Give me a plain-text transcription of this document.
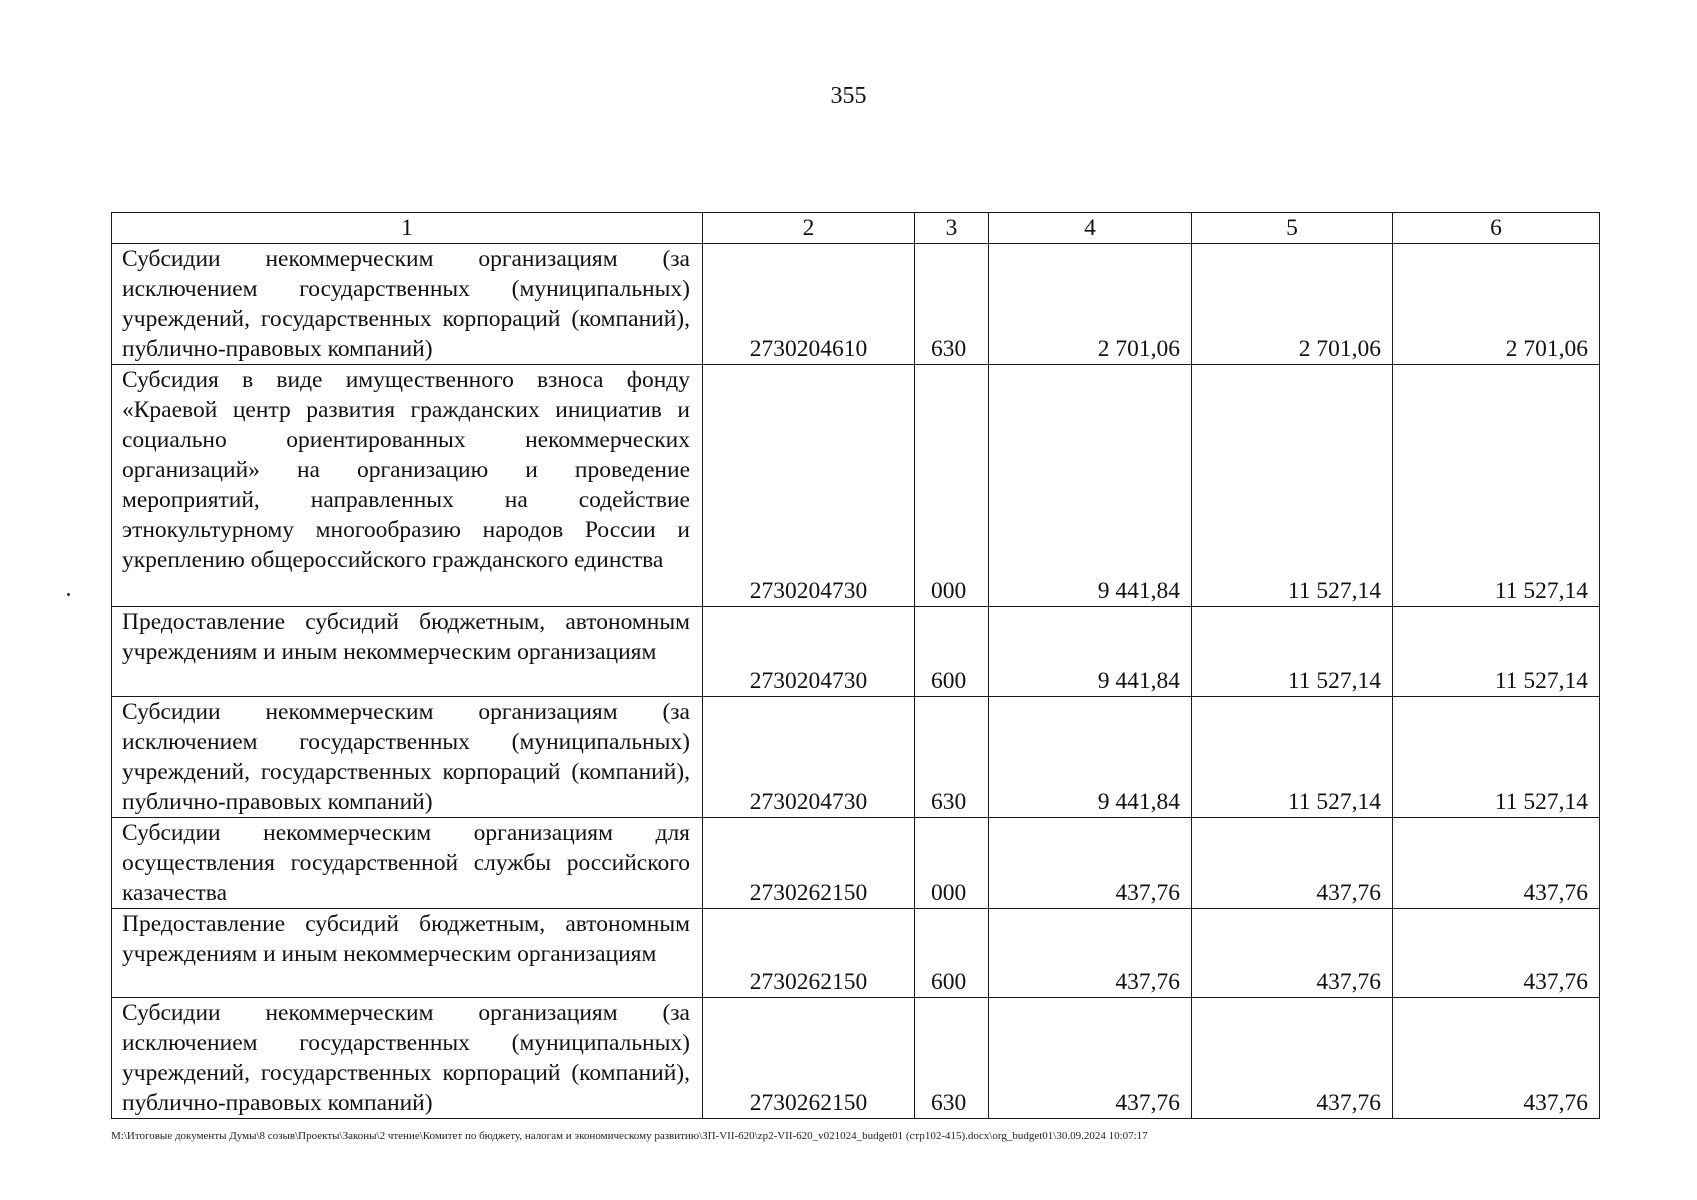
355
1	2	3	4	5	6
Субсидии некоммерческим организациям (за исключением государственных (муниципальных) учреждений, государственных корпораций (компаний), публично-правовых компаний)	2730204610	630	2 701,06	2 701,06	2 701,06
Субсидия в виде имущественного взноса фонду «Краевой центр развития гражданских инициатив и социально ориентированных некоммерческих организаций» на организацию и проведение мероприятий, направленных на содействие этнокультурному многообразию народов России и укреплению общероссийского гражданского единства	2730204730	000	9 441,84	11 527,14	11 527,14
Предоставление субсидий бюджетным, автономным учреждениям и иным некоммерческим организациям	2730204730	600	9 441,84	11 527,14	11 527,14
Субсидии некоммерческим организациям (за исключением государственных (муниципальных) учреждений, государственных корпораций (компаний), публично-правовых компаний)	2730204730	630	9 441,84	11 527,14	11 527,14
Субсидии некоммерческим организациям для осуществления государственной службы российского казачества	2730262150	000	437,76	437,76	437,76
Предоставление субсидий бюджетным, автономным учреждениям и иным некоммерческим организациям	2730262150	600	437,76	437,76	437,76
Субсидии некоммерческим организациям (за исключением государственных (муниципальных) учреждений, государственных корпораций (компаний), публично-правовых компаний)	2730262150	630	437,76	437,76	437,76
M:\Итоговые документы Думы\8 созыв\Проекты\Законы\2 чтение\Комитет по бюджету, налогам и экономическому развитию\ЗП-VII-620\zp2-VII-620_v021024_budget01 (стр102-415).docx\org_budget01\30.09.2024 10:07:17
